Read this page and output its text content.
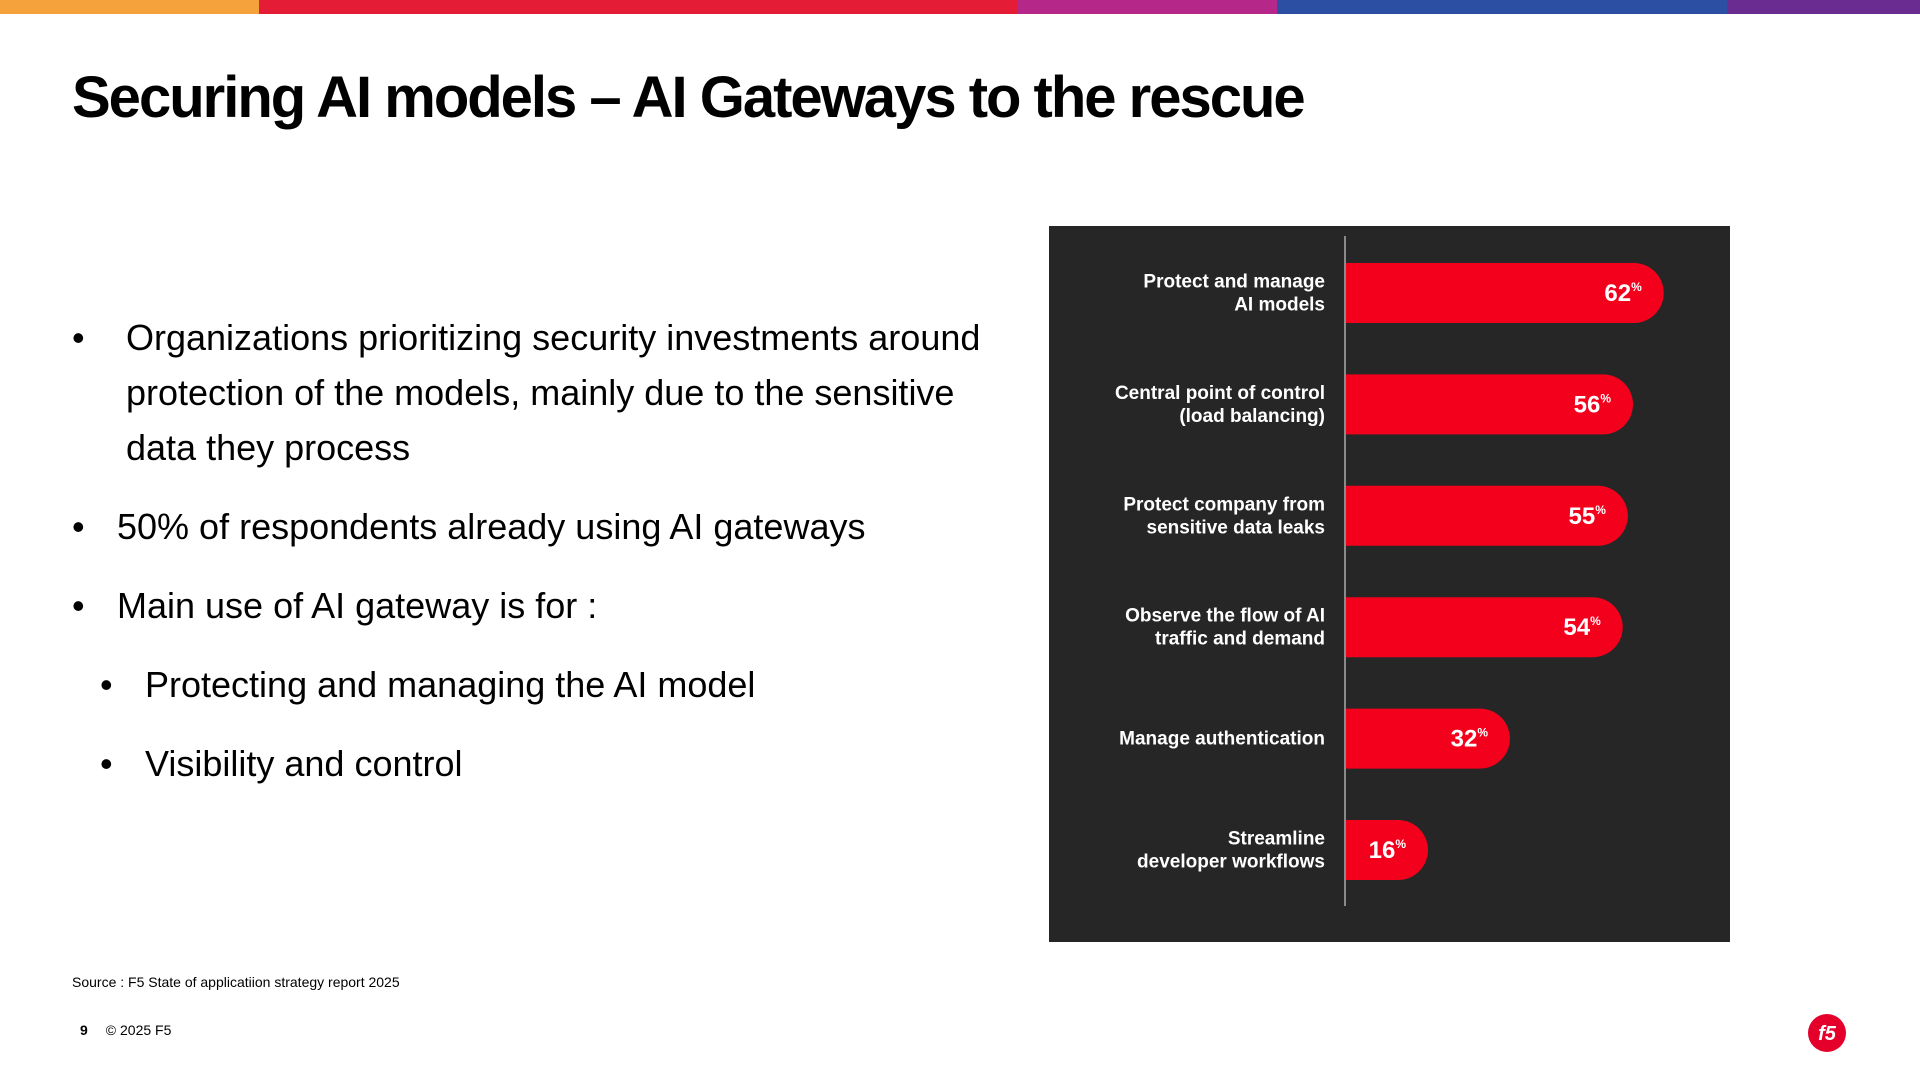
Securing AI models – AI Gateways to the rescue
•	Organizations prioritizing security investments around protection of the models, mainly due to the sensitive data they process
• 50% of respondents already using AI gateways
• Main use of AI gateway is for :
• Protecting and managing the AI model
• Visibility and control
62%
Protect and manage
AI models
56%
Central point of control
(load balancing)
55%
Protect company from
sensitive data leaks
54%
Observe the flow of AI
traffic and demand
32%
Manage authentication
16%
Streamline
developer workflows
Source : F5 State of applicatiion strategy report 2025
9 © 2025 F5	f5
